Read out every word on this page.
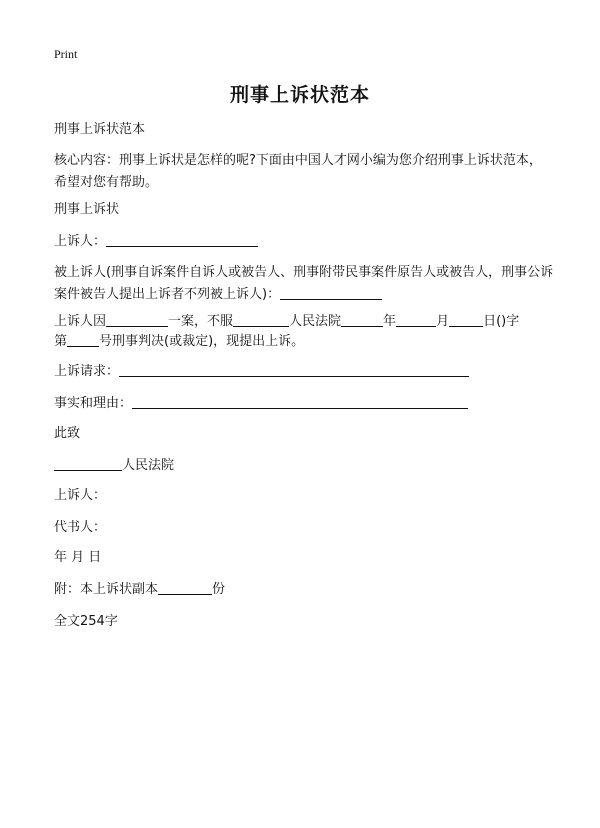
Print
刑事上诉状范本
刑事上诉状范本
核心内容：刑事上诉状是怎样的呢?下面由中国人才网小编为您介绍刑事上诉状范本，希望对您有帮助。
刑事上诉状
上诉人：
被上诉人(刑事自诉案件自诉人或被告人、刑事附带民事案件原告人或被告人，刑事公诉案件被告人提出上诉者不列被上诉人)：
上诉人因	一案，不服	人民法院	年	月	日()字
第 号刑事判决(或裁定)，现提出上诉。
上诉请求：
事实和理由：
此致
人民法院
上诉人：
代书人：
年 月 日
附：本上诉状副本	份
全文254字
